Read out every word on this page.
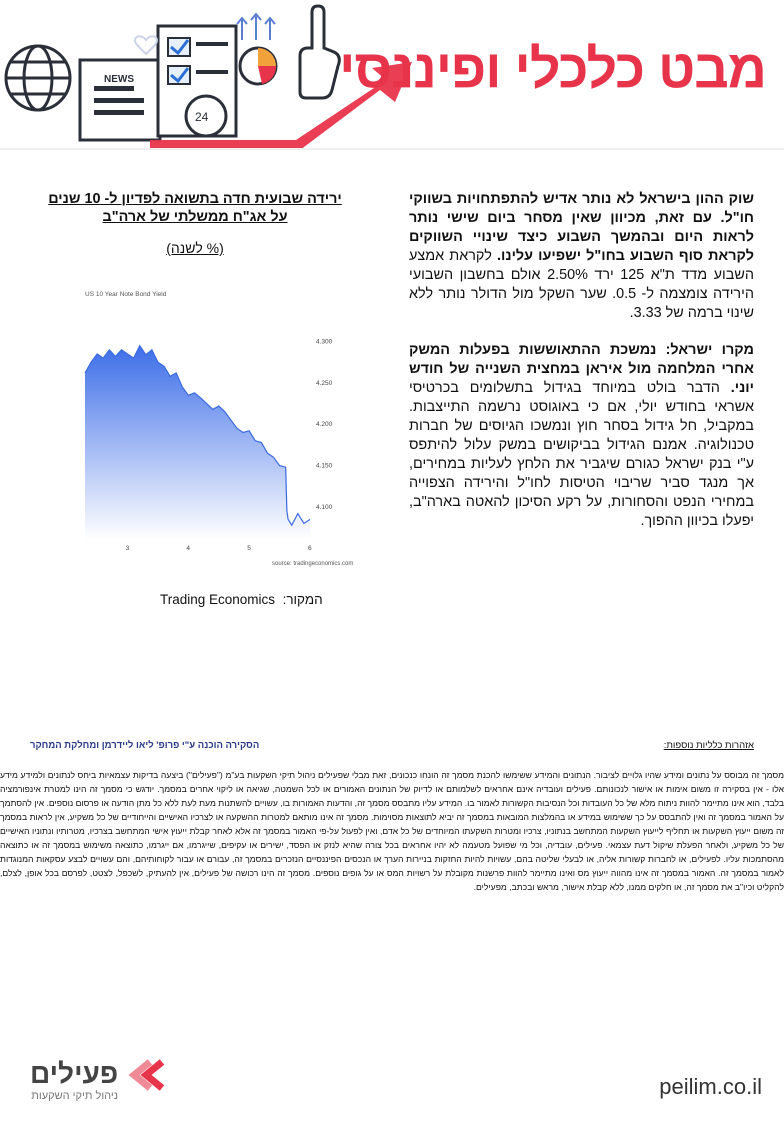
NEWS
24
מבט כלכלי ופיננסי

שוק ההון בישראל לא נותר אדיש להתפתחויות בשווקי חו"ל. עם זאת, מכיוון שאין מסחר ביום שישי נותר לראות היום ובהמשך השבוע כיצד שינויי השווקים לקראת סוף השבוע בחו"ל ישפיעו עלינו. לקראת אמצע השבוע מדד ת"א 125 ירד 2.50% אולם בחשבון השבועי הירידה צומצמה ל- 0.5. שער השקל מול הדולר נותר ללא שינוי ברמה של 3.33.

מקרו ישראל: נמשכת ההתאוששות בפעלות המשק אחרי המלחמה מול איראן במחצית השנייה של חודש יוני. הדבר בולט במיוחד בגידול בתשלומים בכרטיסי אשראי בחודש יולי, אם כי באוגוסט נרשמה התייצבות. במקביל, חל גידול בסחר חוץ ונמשכו הגיוסים של חברות טכנולוגיה. אמנם הגידול בביקושים במשק עלול להיתפס ע"י בנק ישראל כגורם שיגביר את הלחץ לעליות במחירים, אך מנגד סביר שריבוי הטיסות לחו"ל והירידה הצפוייה במחירי הנפט והסחורות, על רקע הסיכון להאטה בארה"ב, יפעלו בכיוון ההפוך.

ירידה שבועית חדה בתשואה לפדיון ל- 10 שנים על אג"ח ממשלתי של ארה"ב
(% לשנה)
US 10 Year Note Bond Yield
4.300
4.250
4.200
4.150
4.100
3	4	5	6
source: tradingeconomics.com
המקור:  Trading Economics
אזהרות כלליות נוספות:
הסקירה הוכנה ע"י פרופ' ליאו ליידרמן ומחלקת המחקר
מסמך זה מבוסס על נתונים ומידע שהיו גלויים לציבור. הנתונים והמידע ששימשו להכנת מסמך זה הונחו כנכונים, זאת מבלי שפעילים ניהול תיקי השקעות בע"מ ("פעילים") ביצעה בדיקות עצמאיות ביחס לנתונים ולמידע מידע אלו - אין בסקירה זו משום אימות או אישור לנכונותם. פעילים ועובדיה אינם אחראים לשלמותם או לדיוק של הנתונים האמורים או לכל השמטה, שגיאה או ליקוי אחרים במסמך. יודגש כי מסמך זה הינו למטרת אינפורמציה בלבד, הוא אינו מתיימר להוות ניתוח מלא של כל העובדות וכל הנסיבות הקשורות לאמור בו. המידע עליו מתבסס מסמך זה, והדעות האמורות בו, עשויים להשתנות מעת לעת ללא כל מתן הודעה או פרסום נוספים. אין להסתמך על האמור במסמך זה ואין להתבסס על כך ששימוש במידע או בהמלצות המובאות במסמך זה יביא לתוצאות מסוימות. מסמך זה אינו מותאם למטרות ההשקעה או לצרכיו האישיים והייחודיים של כל משקיע, אין לראות במסמך זה משום ייעוץ השקעות או תחליף לייעוץ השקעות המתחשב בנתוניו, צרכיו ומטרות השקעתו המיוחדים של כל אדם, ואין לפעול על-פי האמור במסמך זה אלא לאחר קבלת ייעוץ אישי המתחשב בצרכיו, מטרותיו ונתוניו האישיים של כל משקיע, ולאחר הפעלת שיקול דעת עצמאי. פעילים, עובדיה, וכל מי שפועל מטעמה לא יהיו אחראים בכל צורה שהיא לנזק או הפסד, ישירים או עקיפים, שייגרמו, אם ייגרמו, כתוצאה משימוש במסמך זה או כתוצאה מהסתמכות עליו. לפעילים, או לחברות קשורות אליה, או לבעלי שליטה בהם, עשויות להיות החזקות בניירות הערך או הנכסים הפיננסיים הנזכרים במסמך זה, עבורם או עבור לקוחותיהם, והם עשויים לבצע עסקאות המנוגדות לאמור במסמך זה. האמור במסמך זה אינו מהווה ייעוץ מס ואינו מתיימר להוות פרשנות מקובלת על רשויות המס או על גופים נוספים. מסמך זה הינו רכושה של פעילים, אין להעתיק, לשכפל, לצטט, לפרסם בכל אופן, לצלם, להקליט וכיו"ב את מסמך זה, או חלקים ממנו, ללא קבלת אישור, מראש ובכתב, מפעילים.
פעילים
ניהול תיקי השקעות	peilim.co.il
